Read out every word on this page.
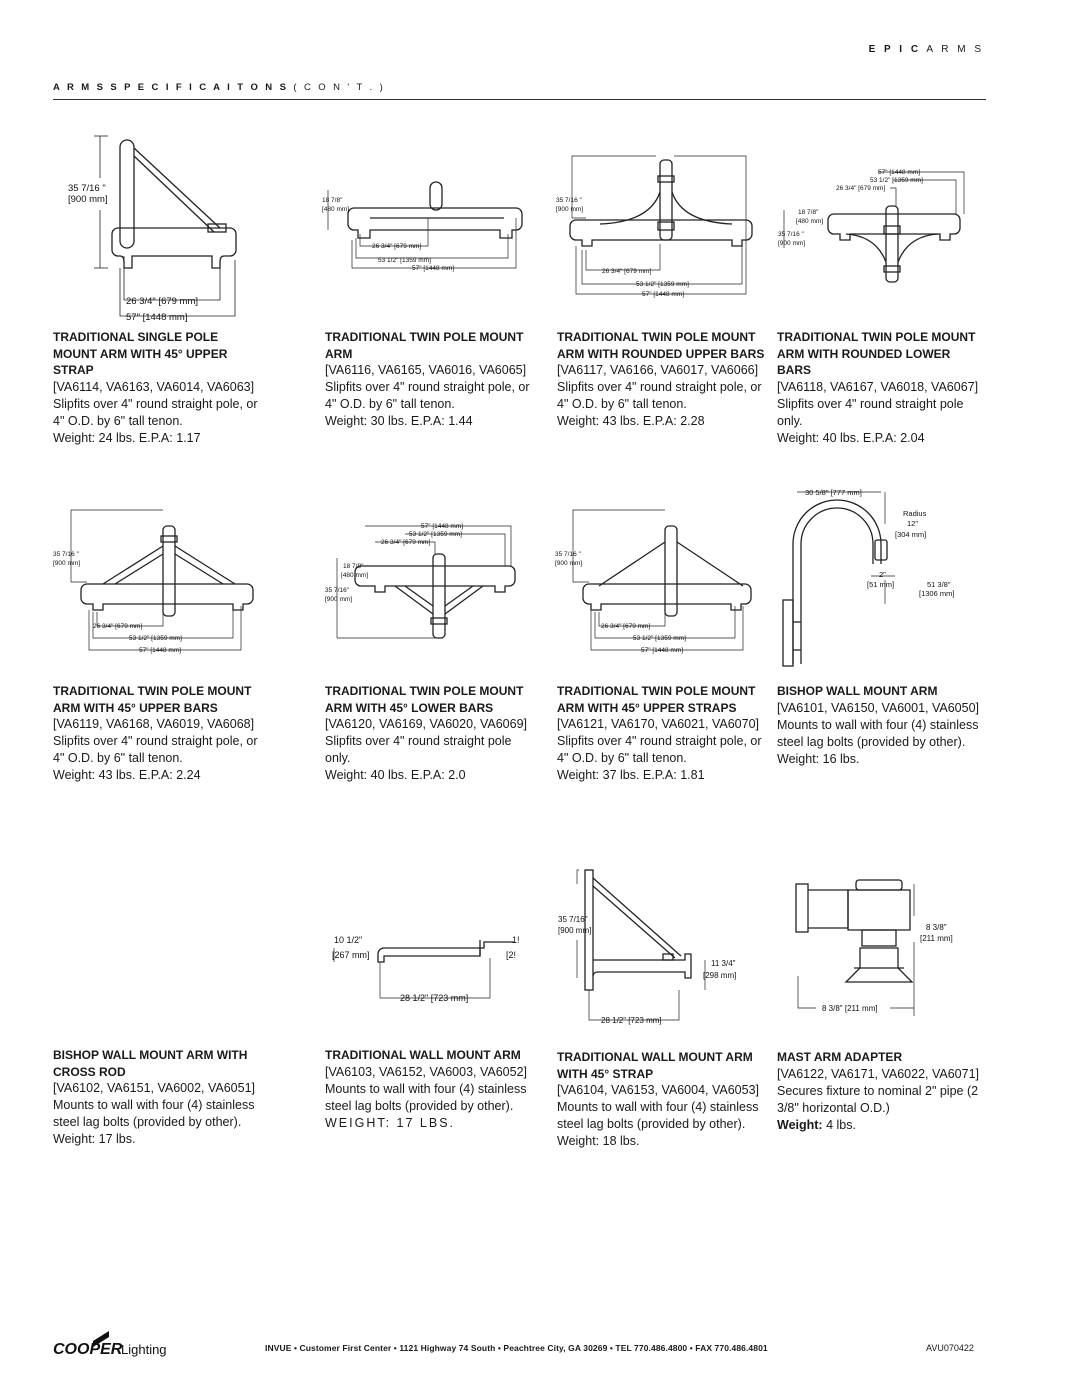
E P I C A R M S
A R M S S P E C I F I C A I T O N S ( C O N ' T . )
35 7/16 "
[900 mm]
26 3/4" [679 mm]
57" [1448 mm]
18 7/8"
[480 mm]
26 3/4" [679 mm]
53 1/2" [1359 mm]
57" [1448 mm]
35 7/16 "
[900 mm]
26 3/4" [679 mm]
53 1/2" [1359 mm]
57" [1448 mm]
57" [1448 mm]
53 1/2" [1359 mm]
26 3/4" [679 mm]
18 7/8"
[480 mm]
35 7/16 "
[900 mm]

TRADITIONAL SINGLE POLE MOUNT ARM WITH 45° UPPER STRAP

[VA6114, VA6163, VA6014, VA6063] Slipfits over 4" round straight pole, or 4" O.D. by 6" tall tenon.

Weight: 24 lbs. E.P.A: 1.17

TRADITIONAL TWIN POLE MOUNT ARM

[VA6116, VA6165, VA6016, VA6065] Slipfits over 4" round straight pole, or 4" O.D. by 6" tall tenon.

Weight: 30 lbs. E.P.A: 1.44

TRADITIONAL TWIN POLE MOUNT ARM WITH ROUNDED UPPER BARS

[VA6117, VA6166, VA6017, VA6066] Slipfits over 4" round straight pole, or 4" O.D. by 6" tall tenon.

Weight: 43 lbs. E.P.A: 2.28

TRADITIONAL TWIN POLE MOUNT ARM WITH ROUNDED LOWER BARS

[VA6118, VA6167, VA6018, VA6067] Slipfits over 4" round straight pole only.

Weight: 40 lbs. E.P.A: 2.04

35 7/16 "
[900 mm]
26 3/4" [679 mm]
53 1/2" [1359 mm]
57" [1448 mm]
57" [1448 mm]
53 1/2" [1359 mm]
26 3/4" [679 mm]
18 7/8"
[480 mm]
35 7/16"
[900 mm]
35 7/16 "
[900 mm]
26 3/4" [679 mm]
53 1/2" [1359 mm]
57" [1448 mm]
30 5/8" [777 mm]
Radius
12"
[304 mm]
2"
[51 mm]	51 3/8"
[1306 mm]

TRADITIONAL TWIN POLE MOUNT ARM WITH 45° UPPER BARS

[VA6119, VA6168, VA6019, VA6068] Slipfits over 4" round straight pole, or 4" O.D. by 6" tall tenon.

Weight: 43 lbs. E.P.A: 2.24

TRADITIONAL TWIN POLE MOUNT ARM WITH 45° LOWER BARS

[VA6120, VA6169, VA6020, VA6069] Slipfits over 4" round straight pole only.

Weight: 40 lbs. E.P.A: 2.0

TRADITIONAL TWIN POLE MOUNT ARM WITH 45° UPPER STRAPS

[VA6121, VA6170, VA6021, VA6070] Slipfits over 4" round straight pole, or 4" O.D. by 6" tall tenon.

Weight: 37 lbs. E.P.A: 1.81

BISHOP WALL MOUNT ARM

[VA6101, VA6150, VA6001, VA6050] Mounts to wall with four (4) stainless steel lag bolts (provided by other).

Weight: 16 lbs.

10 1/2"
[267 mm]
1!
[2!
28 1/2" [723 mm]
35 7/16"
[900 mm]
11 3/4"
[298 mm]
28 1/2" [723 mm]
8 3/8"
[211 mm]
8 3/8" [211 mm]

BISHOP WALL MOUNT ARM WITH CROSS ROD

[VA6102, VA6151, VA6002, VA6051] Mounts to wall with four (4) stainless steel lag bolts (provided by other).

Weight: 17 lbs.

TRADITIONAL WALL MOUNT ARM

[VA6103, VA6152, VA6003, VA6052] Mounts to wall with four (4) stainless steel lag bolts (provided by other).

WEIGHT: 17 LBS.

TRADITIONAL WALL MOUNT ARM WITH 45° STRAP

[VA6104, VA6153, VA6004, VA6053] Mounts to wall with four (4) stainless steel lag bolts (provided by other).

Weight: 18 lbs.

MAST ARM ADAPTER

[VA6122, VA6171, VA6022, VA6071] Secures fixture to nominal 2" pipe (2 3/8" horizontal O.D.)

Weight: 4 lbs.

COOPER
Lighting	INVUE • Customer First Center • 1121 Highway 74 South • Peachtree City, GA 30269 • TEL 770.486.4800 • FAX 770.486.4801	AVU070422
